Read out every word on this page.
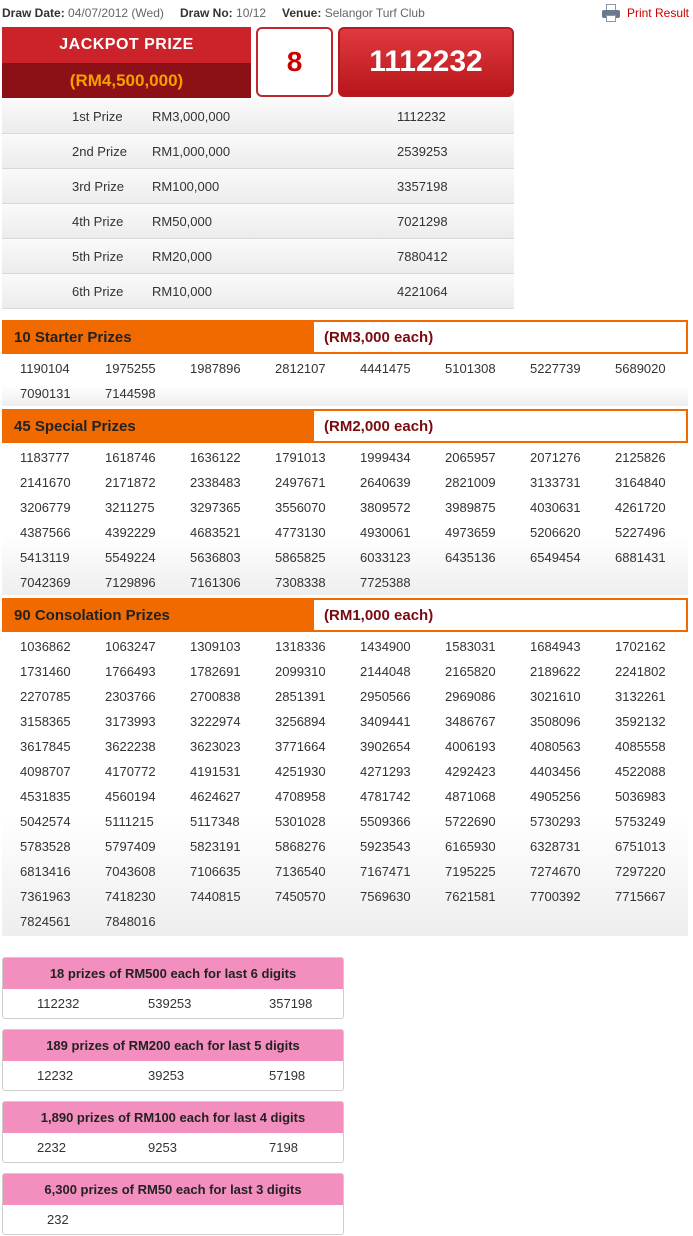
Draw Date: 04/07/2012 (Wed) Draw No: 10/12 Venue: Selangor Turf Club	Print Result
JACKPOT PRIZE
(RM4,500,000)
8	1112232
1st Prize	RM3,000,000	1112232
2nd Prize	RM1,000,000	2539253
3rd Prize	RM100,000	3357198
4th Prize	RM50,000	7021298
5th Prize	RM20,000	7880412
6th Prize	RM10,000	4221064
10 Starter Prizes	(RM3,000 each)
1190104	1975255	1987896	2812107	4441475	5101308	5227739	5689020
7090131	7144598
45 Special Prizes	(RM2,000 each)
1183777	1618746	1636122	1791013	1999434	2065957	2071276	2125826
2141670	2171872	2338483	2497671	2640639	2821009	3133731	3164840
3206779	3211275	3297365	3556070	3809572	3989875	4030631	4261720
4387566	4392229	4683521	4773130	4930061	4973659	5206620	5227496
5413119	5549224	5636803	5865825	6033123	6435136	6549454	6881431
7042369	7129896	7161306	7308338	7725388
90 Consolation Prizes	(RM1,000 each)
1036862	1063247	1309103	1318336	1434900	1583031	1684943	1702162
1731460	1766493	1782691	2099310	2144048	2165820	2189622	2241802
2270785	2303766	2700838	2851391	2950566	2969086	3021610	3132261
3158365	3173993	3222974	3256894	3409441	3486767	3508096	3592132
3617845	3622238	3623023	3771664	3902654	4006193	4080563	4085558
4098707	4170772	4191531	4251930	4271293	4292423	4403456	4522088
4531835	4560194	4624627	4708958	4781742	4871068	4905256	5036983
5042574	5111215	5117348	5301028	5509366	5722690	5730293	5753249
5783528	5797409	5823191	5868276	5923543	6165930	6328731	6751013
6813416	7043608	7106635	7136540	7167471	7195225	7274670	7297220
7361963	7418230	7440815	7450570	7569630	7621581	7700392	7715667
7824561	7848016
18 prizes of RM500 each for last 6 digits
112232	539253	357198
189 prizes of RM200 each for last 5 digits
12232	39253	57198
1,890 prizes of RM100 each for last 4 digits
2232	9253	7198
6,300 prizes of RM50 each for last 3 digits
232
